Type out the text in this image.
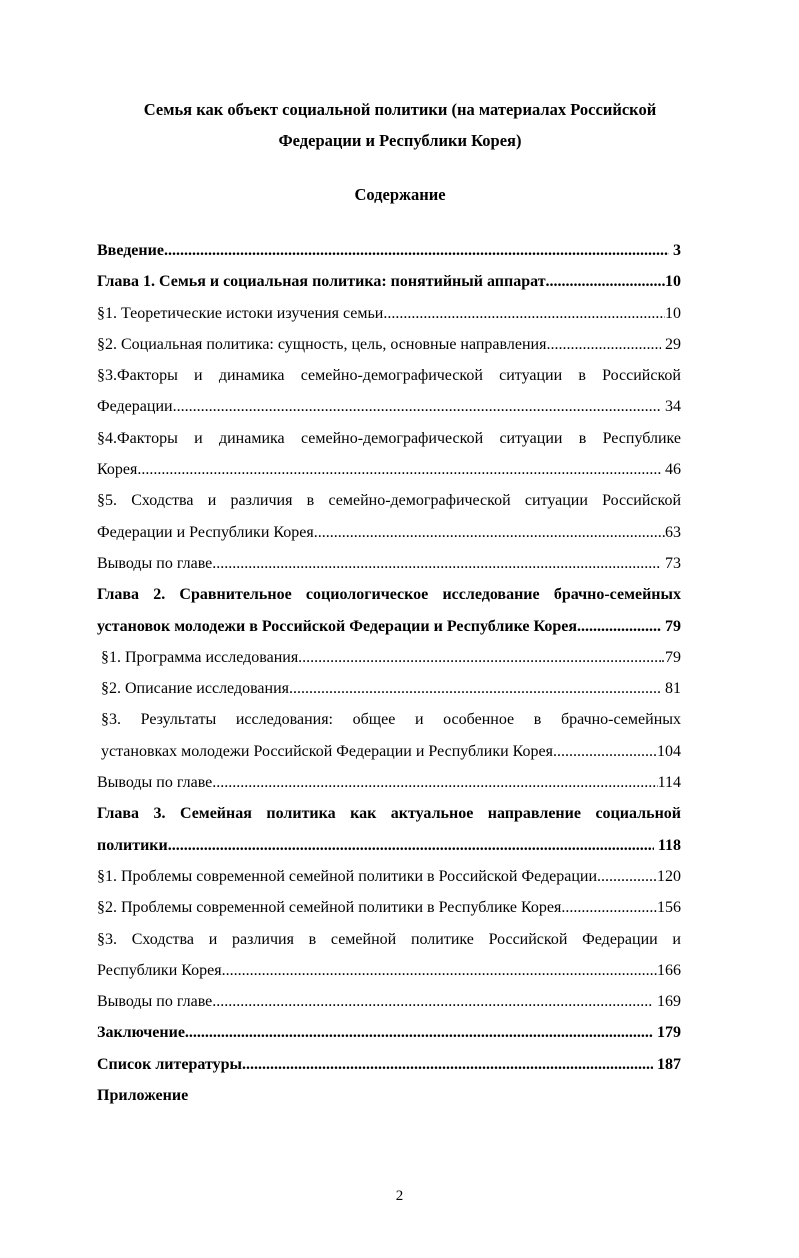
Семья как объект социальной политики (на материалах Российской
Федерации и Республики Корея)
Содержание
Введение .....	3
Глава 1. Семья и социальная политика: понятийный аппарат .....	10
§1. Теоретические истоки изучения семьи .....	10
§2. Социальная политика: сущность, цель, основные направления .....	29
§3.Факторы и динамика семейно-демографической ситуации в Российской
Федерации .....	34
§4.Факторы и динамика семейно-демографической ситуации в Республике
Корея .....	46
§5. Сходства и различия в семейно-демографической ситуации Российской
Федерации и Республики Корея .....	63
Выводы по главе .....	73
Глава 2. Сравнительное социологическое исследование брачно-семейных
установок молодежи в Российской Федерации и Республике Корея .....	79
§1. Программа исследования .....	.79
§2. Описание исследования .....	81
§3. Результаты исследования: общее и особенное в брачно-семейных
установках молодежи Российской Федерации и Республики Корея .....	104
Выводы по главе .....	114
Глава 3. Семейная политика как актуальное направление социальной
политики .....	118
§1. Проблемы современной семейной политики в Российской Федерации .....	120
§2. Проблемы современной семейной политики в Республике Корея .....	156
§3. Сходства и различия в семейной политике Российской Федерации и
Республики Корея .....	166
Выводы по главе .....	169
Заключение .....	179
Список литературы .....	187
Приложение
2
